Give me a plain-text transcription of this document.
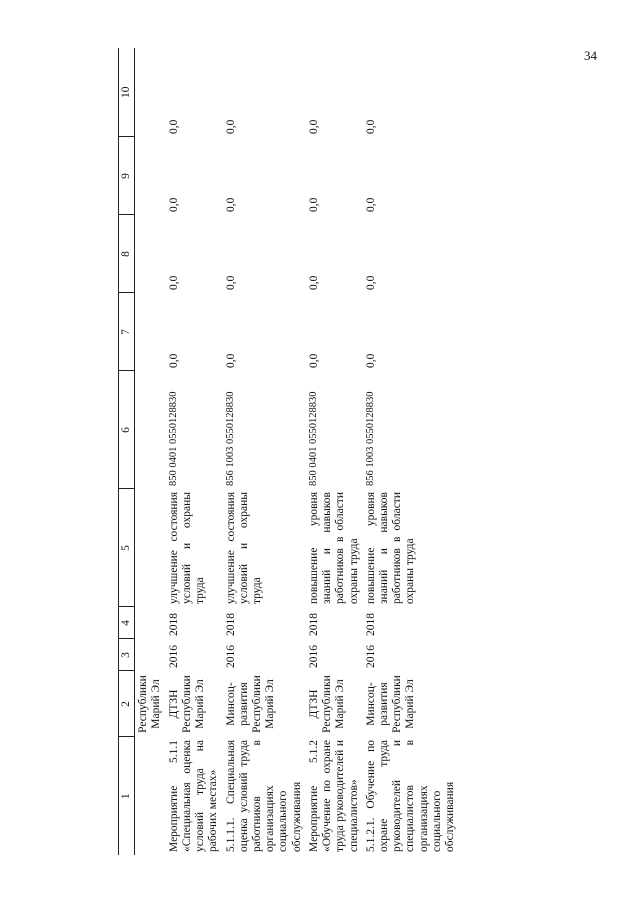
34
1	2	3	4	5	6	7	8	9	10
	Республики Марий Эл								
Мероприятие 5.1.1 «Специальная оценка условий труда на рабочих местах»	ДТЗН Республики Марий Эл	2016	2018	улучшение состояния условий и охраны труда	850 0401 0550128830	0,0	0,0	0,0	0,0
5.1.1.1. Специальная оценка условий труда работников в организациях социального обслуживания	Минсоц-развития Республики Марий Эл	2016	2018	улучшение состояния условий и охраны труда	856 1003 0550128830	0,0	0,0	0,0	0,0
Мероприятие 5.1.2 «Обучение по охране труда руководителей и специалистов»	ДТЗН Республики Марий Эл	2016	2018	повышение уровня знаний и навыков работников в области охраны труда	850 0401 0550128830	0,0	0,0	0,0	0,0
5.1.2.1. Обучение по охране труда руководителей и специалистов в организациях социального обслуживания	Минсоц-развития Республики Марий Эл	2016	2018	повышение уровня знаний и навыков работников в области охраны труда	856 1003 0550128830	0,0	0,0	0,0	0,0
